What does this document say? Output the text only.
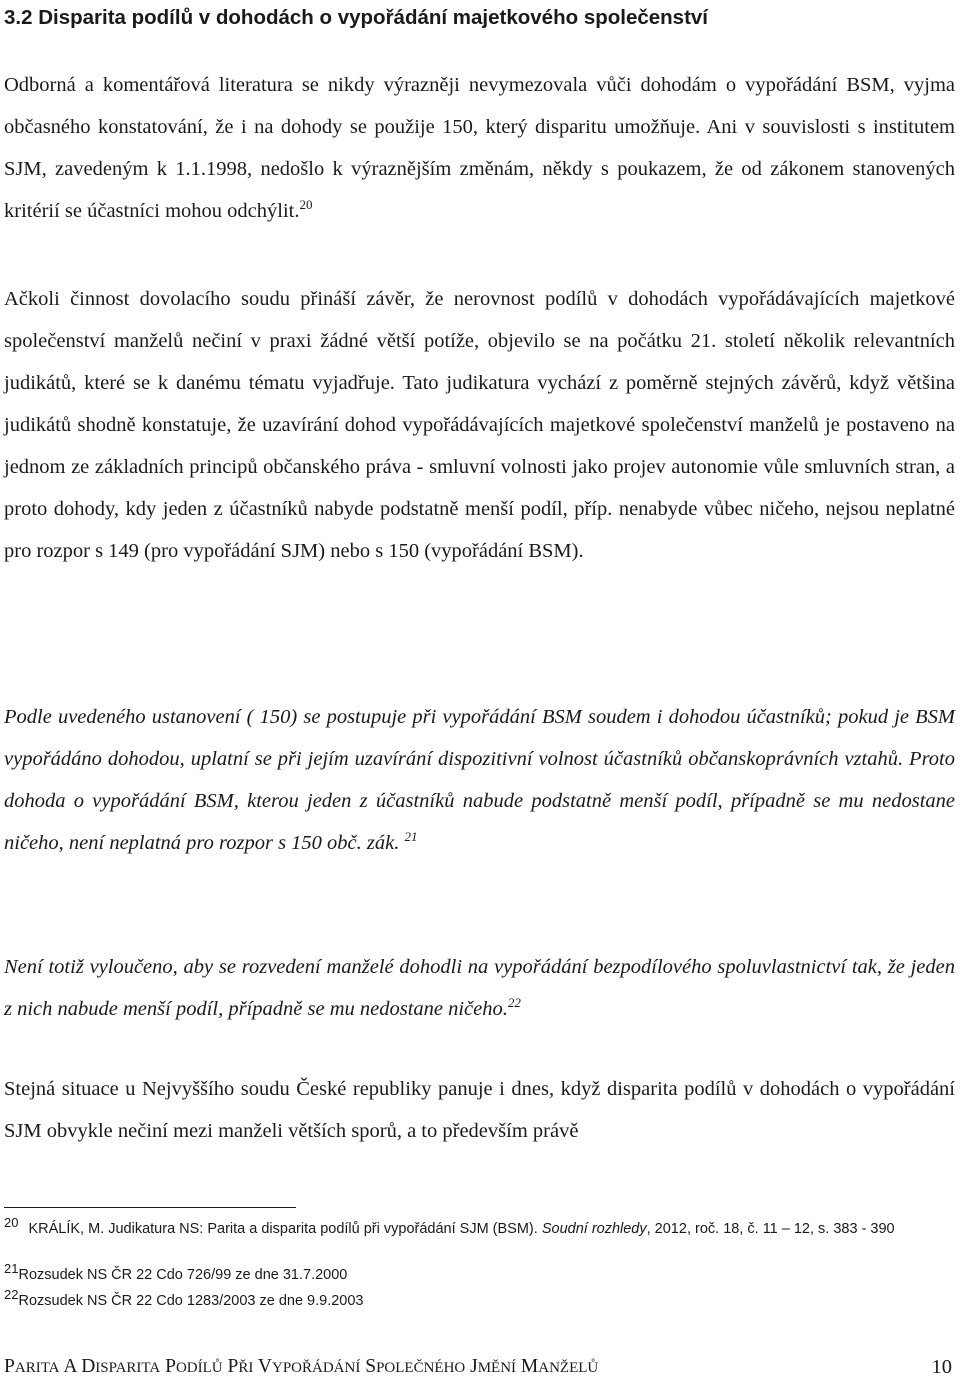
3.2 Disparita podílů v dohodách o vypořádání majetkového společenství

Odborná a komentářová literatura se nikdy výrazněji nevymezovala vůči dohodám o vypořádání BSM, vyjma občasného konstatování, že i na dohody se použije 150, který disparitu umožňuje. Ani v souvislosti s institutem SJM, zavedeným k 1.1.1998, nedošlo k výraznějším změnám, někdy s poukazem, že od zákonem stanovených kritérií se účastníci mohou odchýlit.$^{20}$

Ačkoli činnost dovolacího soudu přináší závěr, že nerovnost podílů v dohodách vypořádávajících majetkové společenství manželů nečiní v praxi žádné větší potíže, objevilo se na počátku 21. století několik relevantních judikátů, které se k danému tématu vyjadřuje. Tato judikatura vychází z poměrně stejných závěrů, když většina judikátů shodně konstatuje, že uzavírání dohod vypořádávajících majetkové společenství manželů je postaveno na jednom ze základních principů občanského práva - smluvní volnosti jako projev autonomie vůle smluvních stran, a proto dohody, kdy jeden z účastníků nabyde podstatně menší podíl, příp. nenabyde vůbec ničeho, nejsou neplatné pro rozpor s 149 (pro vypořádání SJM) nebo s 150 (vypořádání BSM).

Podle uvedeného ustanovení ( 150) se postupuje při vypořádání BSM soudem i dohodou účastníků; pokud je BSM vypořádáno dohodou, uplatní se při jejím uzavírání dispozitivní volnost účastníků občanskoprávních vztahů. Proto dohoda o vypořádání BSM, kterou jeden z účastníků nabude podstatně menší podíl, případně se mu nedostane ničeho, není neplatná pro rozpor s 150 obč. zák. $^{21}$

Není totiž vyloučeno, aby se rozvedení manželé dohodli na vypořádání bezpodílového spoluvlastnictví tak, že jeden z nich nabude menší podíl, případně se mu nedostane ničeho.$^{22}$

Stejná situace u Nejvyššího soudu České republiky panuje i dnes, když disparita podílů v dohodách o vypořádání SJM obvykle nečiní mezi manželi větších sporů, a to především právě

20 KRÁLÍK, M. Judikatura NS: Parita a disparita podílů při vypořádání SJM (BSM). Soudní rozhledy, 2012, roč. 18, č. 11 – 12, s. 383 - 390
21Rozsudek NS ČR 22 Cdo 726/99 ze dne 31.7.2000
22Rozsudek NS ČR 22 Cdo 1283/2003 ze dne 9.9.2003
PARITA A DISPARITA PODÍLŮ PŘI VYPOŘÁDÁNÍ SPOLEČNÉHO JMĚNÍ MANŽELŮ	10
